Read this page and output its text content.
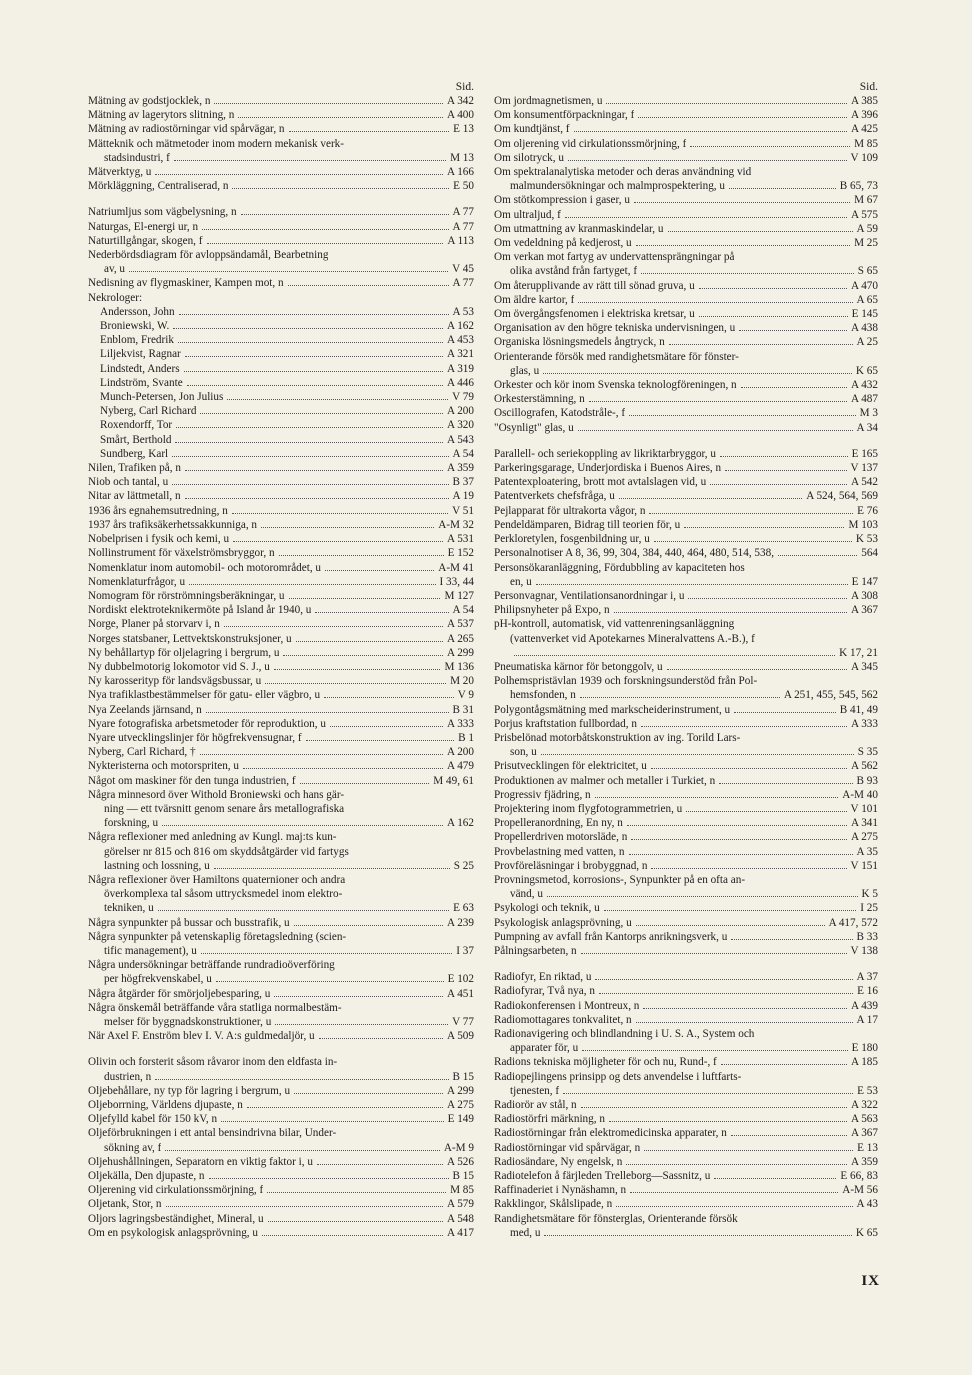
Sid.
Mätning av godstjocklek, n	A 342
Mätning av lagerytors slitning, n	A 400
Mätning av radiostörningar vid spårvägar, n	E 13
Mätteknik och mätmetoder inom modern mekanisk verk-
stadsindustri, f	M 13
Mätverktyg, u	A 166
Mörkläggning, Centraliserad, n	E 50
Natriumljus som vägbelysning, n	A 77
Naturgas, El-energi ur, n	A 77
Naturtillgångar, skogen, f	A 113
Nederbördsdiagram för avloppsändamål, Bearbetning
av, u	V 45
Nedisning av flygmaskiner, Kampen mot, n	A 77
Nekrologer:
Andersson, John	A 53
Broniewski, W.	A 162
Enblom, Fredrik	A 453
Liljekvist, Ragnar	A 321
Lindstedt, Anders	A 319
Lindström, Svante	A 446
Munch-Petersen, Jon Julius	V 79
Nyberg, Carl Richard	A 200
Roxendorff, Tor	A 320
Smårt, Berthold	A 543
Sundberg, Karl	A 54
Nilen, Trafiken på, n	A 359
Niob och tantal, u	B 37
Nitar av lättmetall, n	A 19
1936 års egnahemsutredning, n	V 51
1937 års trafiksäkerhetssakkunniga, n	A-M 32
Nobelprisen i fysik och kemi, u	A 531
Nollinstrument för växelströmsbryggor, n	E 152
Nomenklatur inom automobil- och motorområdet, u	A-M 41
Nomenklaturfrågor, u	I 33, 44
Nomogram för rörströmningsberäkningar, u	M 127
Nordiskt elektroteknikermöte på Island år 1940, u	A 54
Norge, Planer på storvarv i, n	A 537
Norges statsbaner, Lettvektskonstruksjoner, u	A 265
Ny behållartyp för oljelagring i bergrum, u	A 299
Ny dubbelmotorig lokomotor vid S. J., u	M 136
Ny karosserityp för landsvägsbussar, u	M 20
Nya trafiklastbestämmelser för gatu- eller vägbro, u	V 9
Nya Zeelands järnsand, n	B 31
Nyare fotografiska arbetsmetoder för reproduktion, u	A 333
Nyare utvecklingslinjer för högfrekvensugnar, f	B 1
Nyberg, Carl Richard, †	A 200
Nykteristerna och motorspriten, u	A 479
Något om maskiner för den tunga industrien, f	M 49, 61
Några minnesord över Withold Broniewski och hans gär-
ning — ett tvärsnitt genom senare års metallografiska
forskning, u	A 162
Några reflexioner med anledning av Kungl. maj:ts kun-
görelser nr 815 och 816 om skyddsåtgärder vid fartygs
lastning och lossning, u	S 25
Några reflexioner över Hamiltons quaternioner och andra
överkomplexa tal såsom uttrycksmedel inom elektro-
tekniken, u	E 63
Några synpunkter på bussar och busstrafik, u	A 239
Några synpunkter på vetenskaplig företagsledning (scien-
tific management), u	I 37
Några undersökningar beträffande rundradioöverföring
per högfrekvenskabel, u	E 102
Några åtgärder för smörjoljebesparing, u	A 451
Några önskemål beträffande våra statliga normalbestäm-
melser för byggnadskonstruktioner, u	V 77
När Axel F. Enström blev I. V. A:s guldmedaljör, u	A 509
Olivin och forsterit såsom råvaror inom den eldfasta in-
dustrien, n	B 15
Oljebehållare, ny typ för lagring i bergrum, u	A 299
Oljeborrning, Världens djupaste, n	A 275
Oljefylld kabel för 150 kV, n	E 149
Oljeförbrukningen i ett antal bensindrivna bilar, Under-
sökning av, f	A-M 9
Oljehushållningen, Separatorn en viktig faktor i, u	A 526
Oljekälla, Den djupaste, n	B 15
Oljerening vid cirkulationssmörjning, f	M 85
Oljetank, Stor, n	A 579
Oljors lagringsbeständighet, Mineral, u	A 548
Om en psykologisk anlagsprövning, u	A 417
Sid.
Om jordmagnetismen, u	A 385
Om konsumentförpackningar, f	A 396
Om kundtjänst, f	A 425
Om oljerening vid cirkulationssmörjning, f	M 85
Om silotryck, u	V 109
Om spektralanalytiska metoder och deras användning vid
malmundersökningar och malmprospektering, u	B 65, 73
Om stötkompression i gaser, u	M 67
Om ultraljud, f	A 575
Om utmattning av kranmaskindelar, u	A 59
Om vedeldning på kedjerost, u	M 25
Om verkan mot fartyg av undervattensprängningar på
olika avstånd från fartyget, f	S 65
Om återupplivande av rätt till sönad gruva, u	A 470
Om äldre kartor, f	A 65
Om övergångsfenomen i elektriska kretsar, u	E 145
Organisation av den högre tekniska undervisningen, u	A 438
Organiska lösningsmedels ångtryck, n	A 25
Orienterande försök med randighetsmätare för fönster-
glas, u	K 65
Orkester och kör inom Svenska teknologföreningen, n	A 432
Orkesterstämning, n	A 487
Oscillografen, Katodstråle-, f	M 3
"Osynligt" glas, u	A 34
Parallell- och seriekoppling av likriktarbryggor, u	E 165
Parkeringsgarage, Underjordiska i Buenos Aires, n	V 137
Patentexploatering, brott mot avtalslagen vid, u	A 542
Patentverkets chefsfråga, u	A 524, 564, 569
Pejlapparat för ultrakorta vågor, n	E 76
Pendeldämparen, Bidrag till teorien för, u	M 103
Perkloretylen, fosgenbildning ur, u	K 53
Personalnotiser A 8, 36, 99, 304, 384, 440, 464, 480, 514, 538,	564
Personsökaranläggning, Fördubbling av kapaciteten hos
en, u	E 147
Personvagnar, Ventilationsanordningar i, u	A 308
Philipsnyheter på Expo, n	A 367
pH-kontroll, automatisk, vid vattenreningsanläggning
(vattenverket vid Apotekarnes Mineralvattens A.-B.), f
K 17, 21
Pneumatiska kärnor för betonggolv, u	A 345
Polhemspristävlan 1939 och forskningsunderstöd från Pol-
hemsfonden, n	A 251, 455, 545, 562
Polygontågsmätning med markscheiderinstrument, u	B 41, 49
Porjus kraftstation fullbordad, n	A 333
Prisbelönad motorbåtskonstruktion av ing. Torild Lars-
son, u	S 35
Prisutvecklingen för elektricitet, u	A 562
Produktionen av malmer och metaller i Turkiet, n	B 93
Progressiv fjädring, n	A-M 40
Projektering inom flygfotogrammetrien, u	V 101
Propelleranordning, En ny, n	A 341
Propellerdriven motorsläde, n	A 275
Provbelastning med vatten, n	A 35
Provföreläsningar i brobyggnad, n	V 151
Provningsmetod, korrosions-, Synpunkter på en ofta an-
vänd, u	K 5
Psykologi och teknik, u	I 25
Psykologisk anlagsprövning, u	A 417, 572
Pumpning av avfall från Kantorps anrikningsverk, u	B 33
Pålningsarbeten, n	V 138
Radiofyr, En riktad, u	A 37
Radiofyrar, Två nya, n	E 16
Radiokonferensen i Montreux, n	A 439
Radiomottagares tonkvalitet, n	A 17
Radionavigering och blindlandning i U. S. A., System och
apparater för, u	E 180
Radions tekniska möjligheter för och nu, Rund-, f	A 185
Radiopejlingens prinsipp og dets anvendelse i luftfarts-
tjenesten, f	E 53
Radiorör av stål, n	A 322
Radiostörfri märkning, n	A 563
Radiostörningar från elektromedicinska apparater, n	A 367
Radiostörningar vid spårvägar, n	E 13
Radiosändare, Ny engelsk, n	A 359
Radiotelefon å färjleden Trelleborg—Sassnitz, u	E 66, 83
Raffinaderiet i Nynäshamn, n	A-M 56
Rakklingor, Skålslipade, n	A 43
Randighetsmätare för fönsterglas, Orienterande försök
med, u	K 65
IX
